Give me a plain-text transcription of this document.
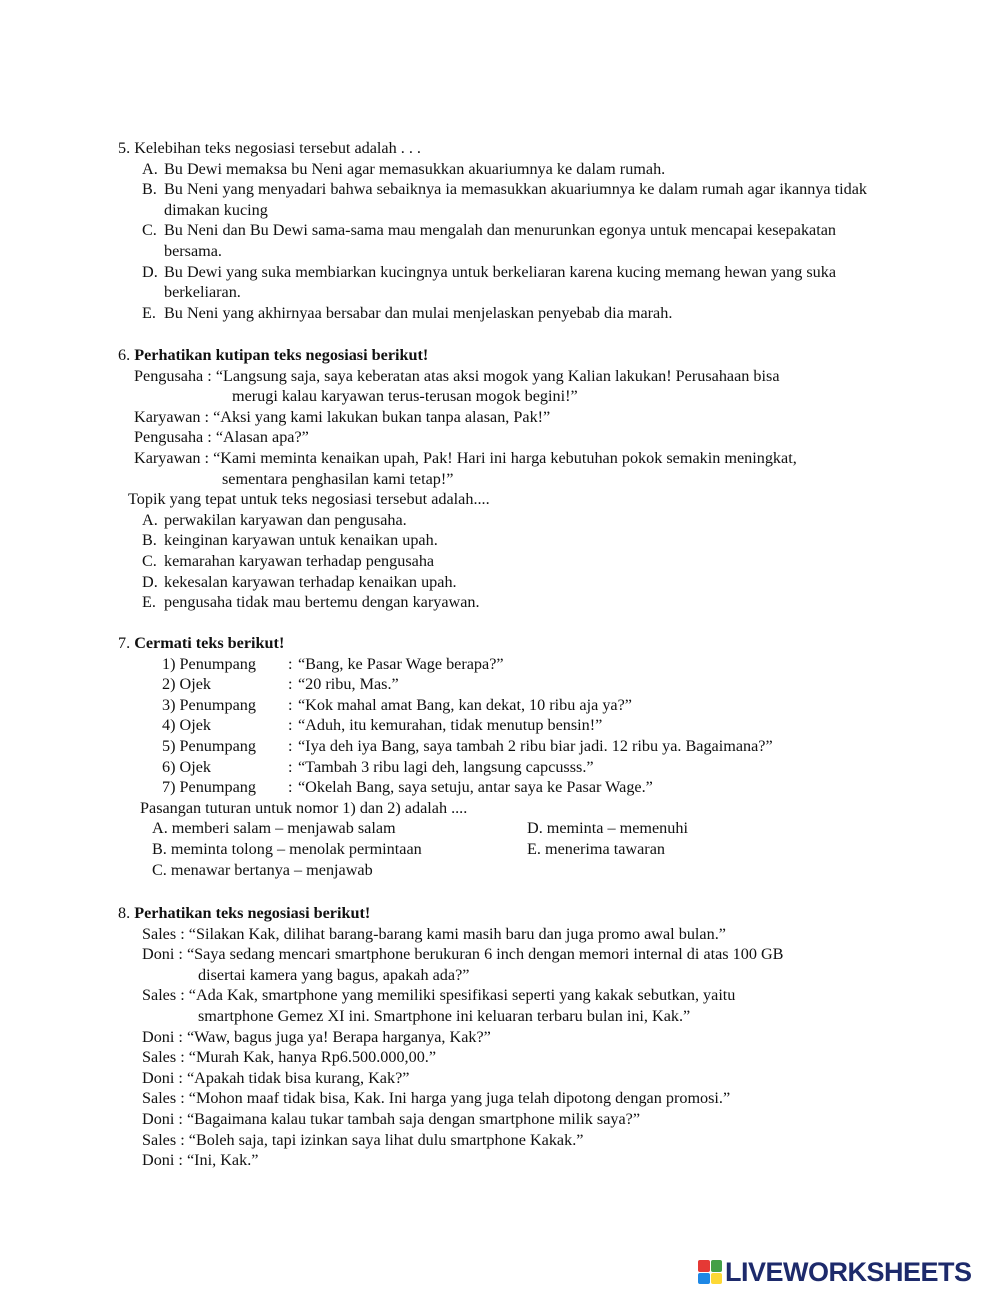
5. Kelebihan teks negosiasi tersebut adalah . . .
A. Bu Dewi memaksa bu Neni agar memasukkan akuariumnya ke dalam rumah.
B. Bu Neni yang menyadari bahwa sebaiknya ia memasukkan akuariumnya ke dalam rumah agar ikannya tidak dimakan kucing
C. Bu Neni dan Bu Dewi sama-sama mau mengalah dan menurunkan egonya untuk mencapai kesepakatan bersama.
D. Bu Dewi yang suka membiarkan kucingnya untuk berkeliaran karena kucing memang hewan yang suka berkeliaran.
E. Bu Neni yang akhirnyaa bersabar dan mulai menjelaskan penyebab dia marah.
6. Perhatikan kutipan teks negosiasi berikut!
Pengusaha : “Langsung saja, saya keberatan atas aksi mogok yang Kalian lakukan! Perusahaan bisa
merugi kalau karyawan terus-terusan mogok begini!”
Karyawan : “Aksi yang kami lakukan bukan tanpa alasan, Pak!”
Pengusaha : “Alasan apa?”
Karyawan : “Kami meminta kenaikan upah, Pak! Hari ini harga kebutuhan pokok semakin meningkat,
sementara penghasilan kami tetap!”
Topik yang tepat untuk teks negosiasi tersebut adalah....
A. perwakilan karyawan dan pengusaha.
B. keinginan karyawan untuk kenaikan upah.
C. kemarahan karyawan terhadap pengusaha
D. kekesalan karyawan terhadap kenaikan upah.
E. pengusaha tidak mau bertemu dengan karyawan.
7. Cermati teks berikut!
1) Penumpang	: “Bang, ke Pasar Wage berapa?”
2) Ojek	: “20 ribu, Mas.”
3) Penumpang	: “Kok mahal amat Bang, kan dekat, 10 ribu aja ya?”
4) Ojek	: “Aduh, itu kemurahan, tidak menutup bensin!”
5) Penumpang	: “Iya deh iya Bang, saya tambah 2 ribu biar jadi. 12 ribu ya. Bagaimana?”
6) Ojek	: “Tambah 3 ribu lagi deh, langsung capcusss.”
7) Penumpang	: “Okelah Bang, saya setuju, antar saya ke Pasar Wage.”
Pasangan tuturan untuk nomor 1) dan 2) adalah ....
A. memberi salam – menjawab salam	D. meminta – memenuhi
B. meminta tolong – menolak permintaan	E. menerima tawaran
C. menawar bertanya – menjawab
8. Perhatikan teks negosiasi berikut!
Sales : “Silakan Kak, dilihat barang-barang kami masih baru dan juga promo awal bulan.”
Doni : “Saya sedang mencari smartphone berukuran 6 inch dengan memori internal di atas 100 GB
disertai kamera yang bagus, apakah ada?”
Sales : “Ada Kak, smartphone yang memiliki spesifikasi seperti yang kakak sebutkan, yaitu
smartphone Gemez XI ini. Smartphone ini keluaran terbaru bulan ini, Kak.”
Doni : “Waw, bagus juga ya! Berapa harganya, Kak?”
Sales : “Murah Kak, hanya Rp6.500.000,00.”
Doni : “Apakah tidak bisa kurang, Kak?”
Sales : “Mohon maaf tidak bisa, Kak. Ini harga yang juga telah dipotong dengan promosi.”
Doni : “Bagaimana kalau tukar tambah saja dengan smartphone milik saya?”
Sales : “Boleh saja, tapi izinkan saya lihat dulu smartphone Kakak.”
Doni : “Ini, Kak.”
LIVEWORKSHEETS
